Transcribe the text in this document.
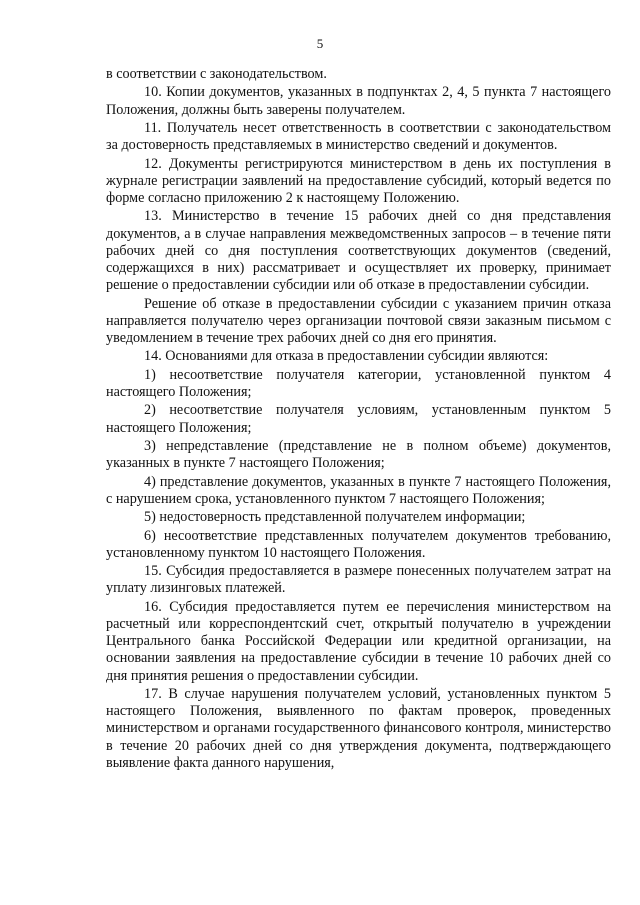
5

в соответствии с законодательством.

10. Копии документов, указанных в подпунктах 2, 4, 5 пункта 7 настоящего Положения, должны быть заверены получателем.

11. Получатель несет ответственность в соответствии с законодательством за достоверность представляемых в министерство сведений и документов.

12. Документы регистрируются министерством в день их поступления в журнале регистрации заявлений на предоставление субсидий, который ведется по форме согласно приложению 2 к настоящему Положению.

13. Министерство в течение 15 рабочих дней со дня представления документов, а в случае направления межведомственных запросов – в течение пяти рабочих дней со дня поступления соответствующих документов (сведений, содержащихся в них) рассматривает и осуществляет их проверку, принимает решение о предоставлении субсидии или об отказе в предоставлении субсидии.

Решение об отказе в предоставлении субсидии с указанием причин отказа направляется получателю через организации почтовой связи заказным письмом с уведомлением в течение трех рабочих дней со дня его принятия.

14. Основаниями для отказа в предоставлении субсидии являются:

1) несоответствие получателя категории, установленной пунктом 4 настоящего Положения;

2) несоответствие получателя условиям, установленным пунктом 5 настоящего Положения;

3) непредставление (представление не в полном объеме) документов, указанных в пункте 7 настоящего Положения;

4) представление документов, указанных в пункте 7 настоящего Положения, с нарушением срока, установленного пунктом 7 настоящего Положения;

5) недостоверность представленной получателем информации;

6) несоответствие представленных получателем документов требованию, установленному пунктом 10 настоящего Положения.

15. Субсидия предоставляется в размере понесенных получателем затрат на уплату лизинговых платежей.

16. Субсидия предоставляется путем ее перечисления министерством на расчетный или корреспондентский счет, открытый получателю в учреждении Центрального банка Российской Федерации или кредитной организации, на основании заявления на предоставление субсидии в течение 10 рабочих дней со дня принятия решения о предоставлении субсидии.

17. В случае нарушения получателем условий, установленных пунктом 5 настоящего Положения, выявленного по фактам проверок, проведенных министерством и органами государственного финансового контроля, министерство в течение 20 рабочих дней со дня утверждения документа, подтверждающего выявление факта данного нарушения,
